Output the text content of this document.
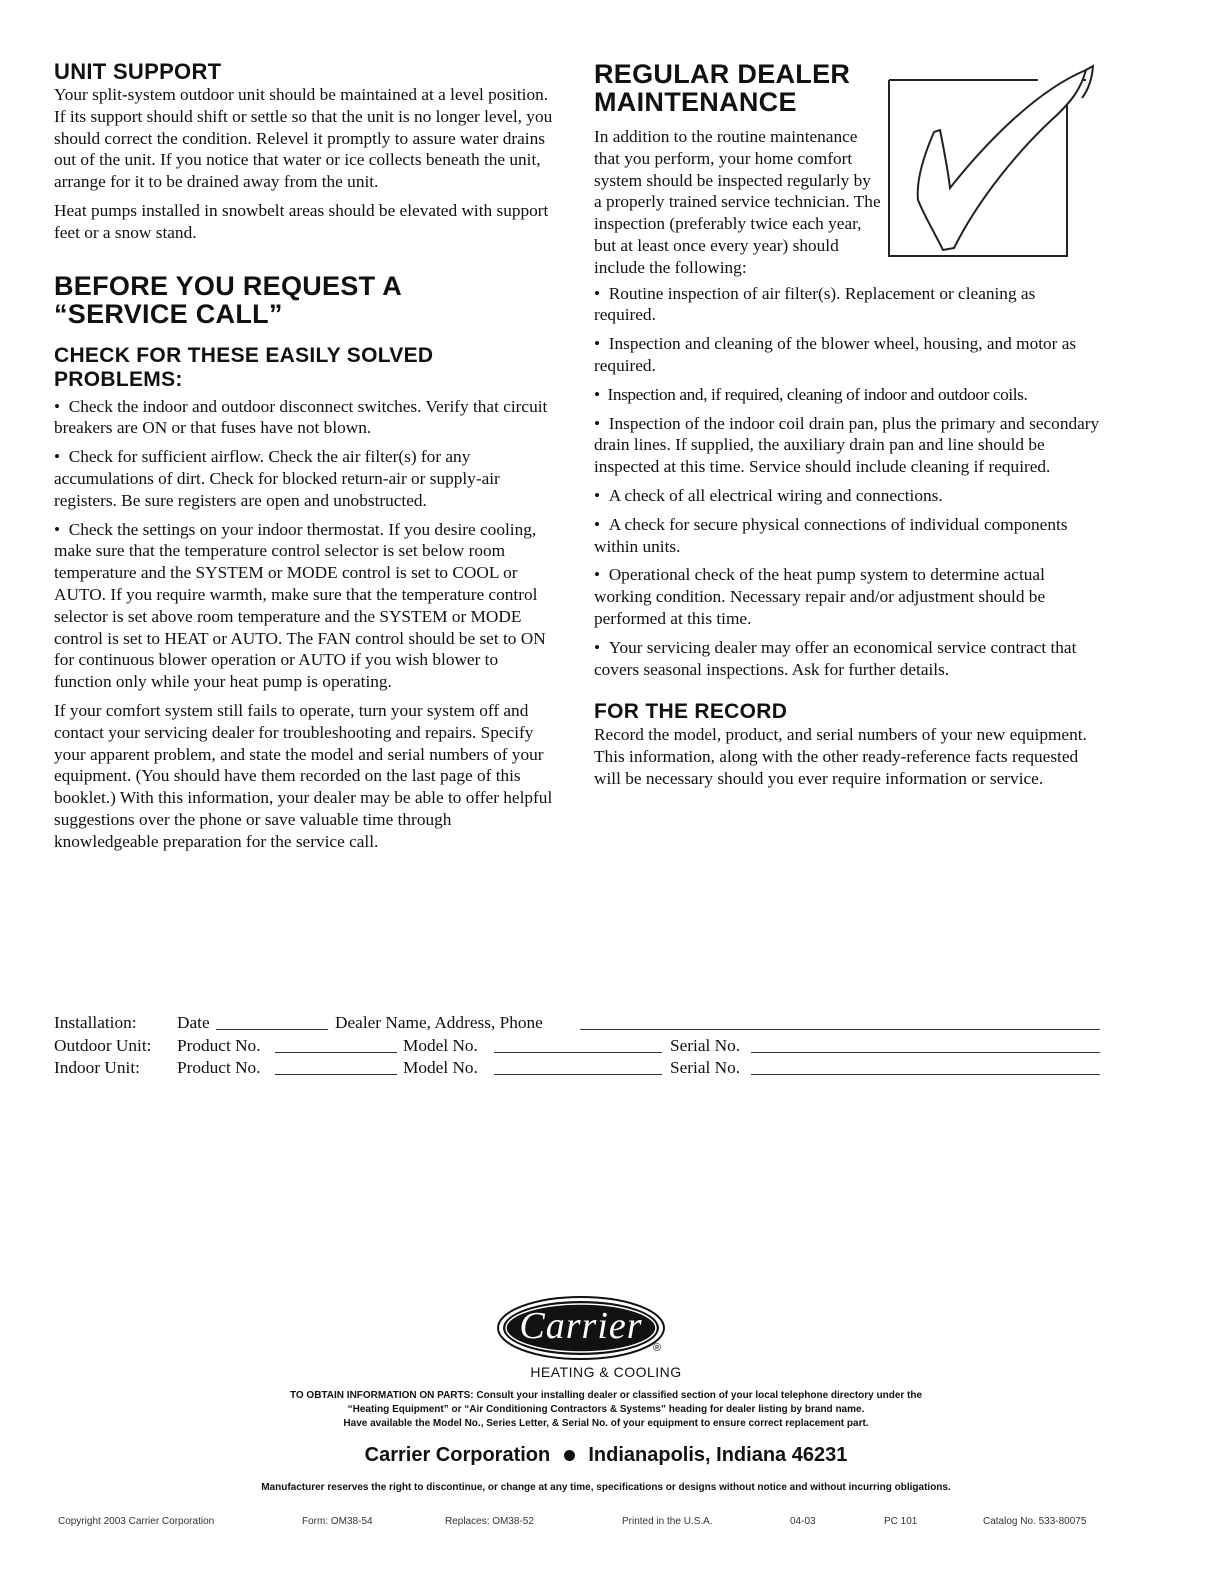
UNIT SUPPORT

Your split-system outdoor unit should be maintained at a level position. If its support should shift or settle so that the unit is no longer level, you should correct the condition. Relevel it promptly to assure water drains out of the unit. If you notice that water or ice collects beneath the unit, arrange for it to be drained away from the unit.

Heat pumps installed in snowbelt areas should be elevated with support feet or a snow stand.

BEFORE YOU REQUEST A
“SERVICE CALL”
CHECK FOR THESE EASILY SOLVED
PROBLEMS:

•  Check the indoor and outdoor disconnect switches. Verify that circuit breakers are ON or that fuses have not blown.

•  Check for sufficient airflow. Check the air filter(s) for any accumulations of dirt. Check for blocked return-air or supply-air registers. Be sure registers are open and unobstructed.

•  Check the settings on your indoor thermostat. If you desire cooling, make sure that the temperature control selector is set below room temperature and the SYSTEM or MODE control is set to COOL or AUTO. If you require warmth, make sure that the temperature control selector is set above room temperature and the SYSTEM or MODE control is set to HEAT or AUTO. The FAN control should be set to ON for continuous blower operation or AUTO if you wish blower to function only while your heat pump is operating.

If your comfort system still fails to operate, turn your system off and contact your servicing dealer for troubleshooting and repairs. Specify your apparent problem, and state the model and serial numbers of your equipment. (You should have them recorded on the last page of this booklet.) With this information, your dealer may be able to offer helpful suggestions over the phone or save valuable time through knowledgeable preparation for the service call.

REGULAR DEALER
MAINTENANCE

In addition to the routine maintenance that you perform, your home comfort system should be inspected regularly by a properly trained service technician. The inspection (preferably twice each year, but at least once every year) should include the following:

•  Routine inspection of air filter(s). Replacement or cleaning as required.

•  Inspection and cleaning of the blower wheel, housing, and motor as required.

•  Inspection and, if required, cleaning of indoor and outdoor coils.

•  Inspection of the indoor coil drain pan, plus the primary and secondary drain lines. If supplied, the auxiliary drain pan and line should be inspected at this time. Service should include cleaning if required.

•  A check of all electrical wiring and connections.

•  A check for secure physical connections of individual components within units.

•  Operational check of the heat pump system to determine actual working condition. Necessary repair and/or adjustment should be performed at this time.

•  Your servicing dealer may offer an economical service contract that covers seasonal inspections. Ask for further details.

FOR THE RECORD

Record the model, product, and serial numbers of your new equipment. This information, along with the other ready-reference facts requested will be necessary should you ever require information or service.

Installation: Date	Dealer Name, Address, Phone
Outdoor Unit: Product No.	Model No.	Serial No.
Indoor Unit: Product No.	Model No.	Serial No.
Carrier
®
HEATING & COOLING
TO OBTAIN INFORMATION ON PARTS: Consult your installing dealer or classified section of your local telephone directory under the
“Heating Equipment” or “Air Conditioning Contractors & Systems” heading for dealer listing by brand name.
Have available the Model No., Series Letter, & Serial No. of your equipment to ensure correct replacement part.
Carrier Corporation Indianapolis, Indiana 46231
Manufacturer reserves the right to discontinue, or change at any time, specifications or designs without notice and without incurring obligations.
Copyright 2003 Carrier Corporation	Form: OM38-54	Replaces: OM38-52	Printed in the U.S.A.	04-03	PC 101	Catalog No. 533-80075
